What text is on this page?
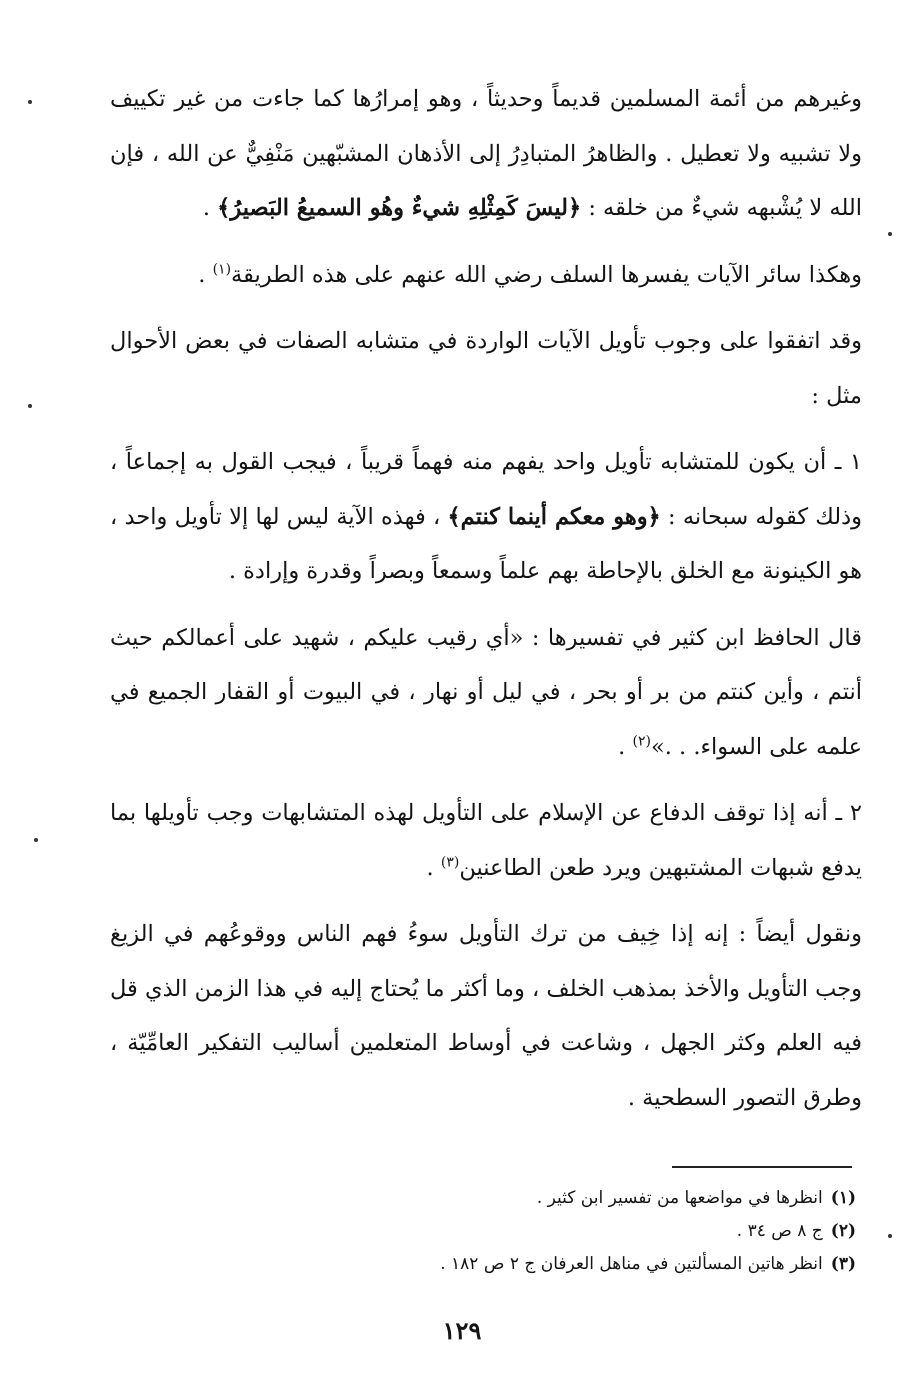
وغيرهم من أئمة المسلمين قديماً وحديثاً ، وهو إمرارُها كما جاءت من غير تكييف ولا تشبيه ولا تعطيل . والظاهرُ المتبادِرُ إلى الأذهان المشبّهين مَنْفِيٌّ عن الله ، فإن الله لا يُشْبهه شيءٌ من خلقه : ﴿ليسَ كَمِثْلِهِ شيءٌ وهُو السميعُ البَصيرُ﴾ .

وهكذا سائر الآيات يفسرها السلف رضي الله عنهم على هذه الطريقة$^{(١)}$ .

وقد اتفقوا على وجوب تأويل الآيات الواردة في متشابه الصفات في بعض الأحوال مثل :

١ ـ أن يكون للمتشابه تأويل واحد يفهم منه فهماً قريباً ، فيجب القول به إجماعاً ، وذلك كقوله سبحانه : ﴿وهو معكم أينما كنتم﴾ ، فهذه الآية ليس لها إلا تأويل واحد ، هو الكينونة مع الخلق بالإحاطة بهم علماً وسمعاً وبصراً وقدرة وإرادة .

قال الحافظ ابن كثير في تفسيرها : «أي رقيب عليكم ، شهيد على أعمالكم حيث أنتم ، وأين كنتم من بر أو بحر ، في ليل أو نهار ، في البيوت أو القفار الجميع في علمه على السواء. . .»$^{(٢)}$ .

٢ ـ أنه إذا توقف الدفاع عن الإسلام على التأويل لهذه المتشابهات وجب تأويلها بما يدفع شبهات المشتبهين ويرد طعن الطاعنين$^{(٣)}$ .

ونقول أيضاً : إنه إذا خِيف من ترك التأويل سوءُ فهم الناس ووقوعُهم في الزيغ وجب التأويل والأخذ بمذهب الخلف ، وما أكثر ما يُحتاج إليه في هذا الزمن الذي قل فيه العلم وكثر الجهل ، وشاعت في أوساط المتعلمين أساليب التفكير العامِّيّة ، وطرق التصور السطحية .

(١)انظرها في مواضعها من تفسير ابن كثير .

(٢)ج ٨ ص ٣٤ .

(٣)انظر هاتين المسألتين في مناهل العرفان ج ٢ ص ١٨٢ .

١٢٩
